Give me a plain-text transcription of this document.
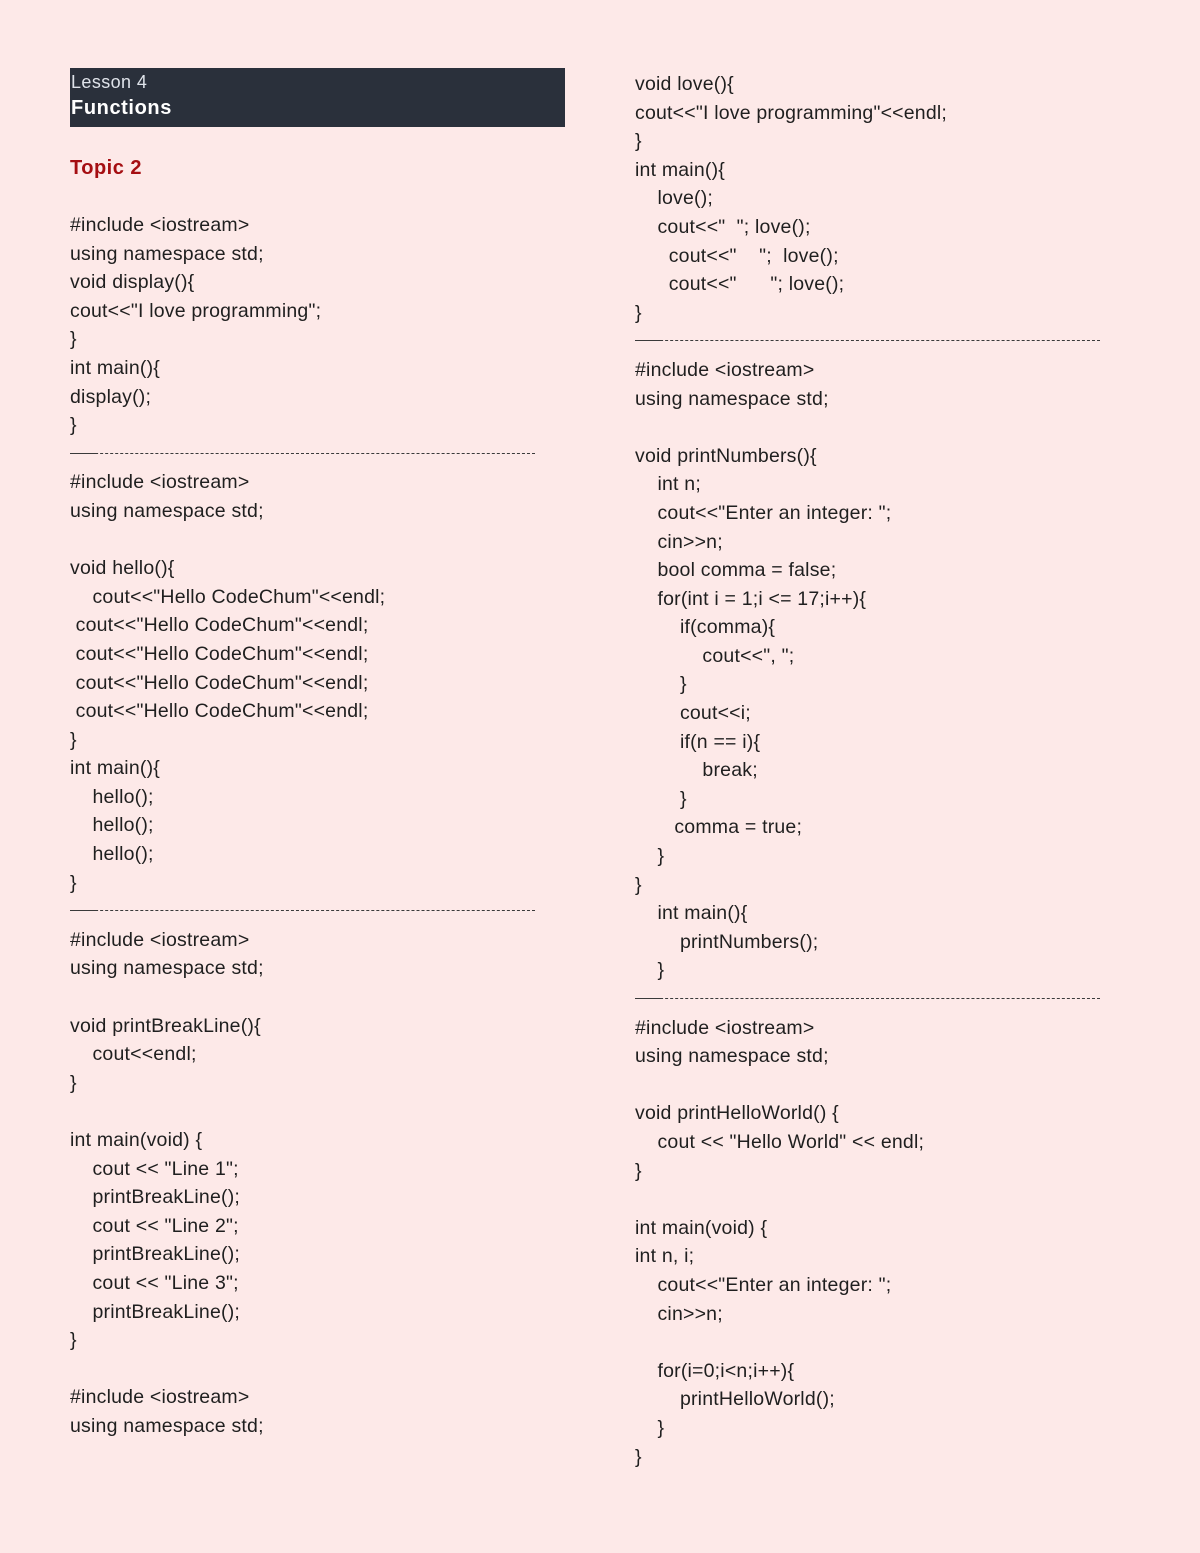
Lesson 4
Functions
Topic 2
#include <iostream>
using namespace std;
void display(){
cout<<"I love programming";
}
int main(){
display();
}
#include <iostream>
using namespace std;
void hello(){
cout<<"Hello CodeChum"<<endl;
cout<<"Hello CodeChum"<<endl;
cout<<"Hello CodeChum"<<endl;
cout<<"Hello CodeChum"<<endl;
cout<<"Hello CodeChum"<<endl;
}
int main(){
hello();
hello();
hello();
}
#include <iostream>
using namespace std;
void printBreakLine(){
cout<<endl;
}
int main(void) {
cout << "Line 1";
printBreakLine();
cout << "Line 2";
printBreakLine();
cout << "Line 3";
printBreakLine();
}
#include <iostream>
using namespace std;
void love(){
cout<<"I love programming"<<endl;
}
int main(){
love();
cout<<"  "; love();
cout<<"    ";  love();
cout<<"      "; love();
}
#include <iostream>
using namespace std;
void printNumbers(){
int n;
cout<<"Enter an integer: ";
cin>>n;
bool comma = false;
for(int i = 1;i <= 17;i++){
if(comma){
cout<<", ";
}
cout<<i;
if(n == i){
break;
}
comma = true;
}
}
int main(){
printNumbers();
}
#include <iostream>
using namespace std;
void printHelloWorld() {
cout << "Hello World" << endl;
}
int main(void) {
int n, i;
cout<<"Enter an integer: ";
cin>>n;
for(i=0;i<n;i++){
printHelloWorld();
}
}
